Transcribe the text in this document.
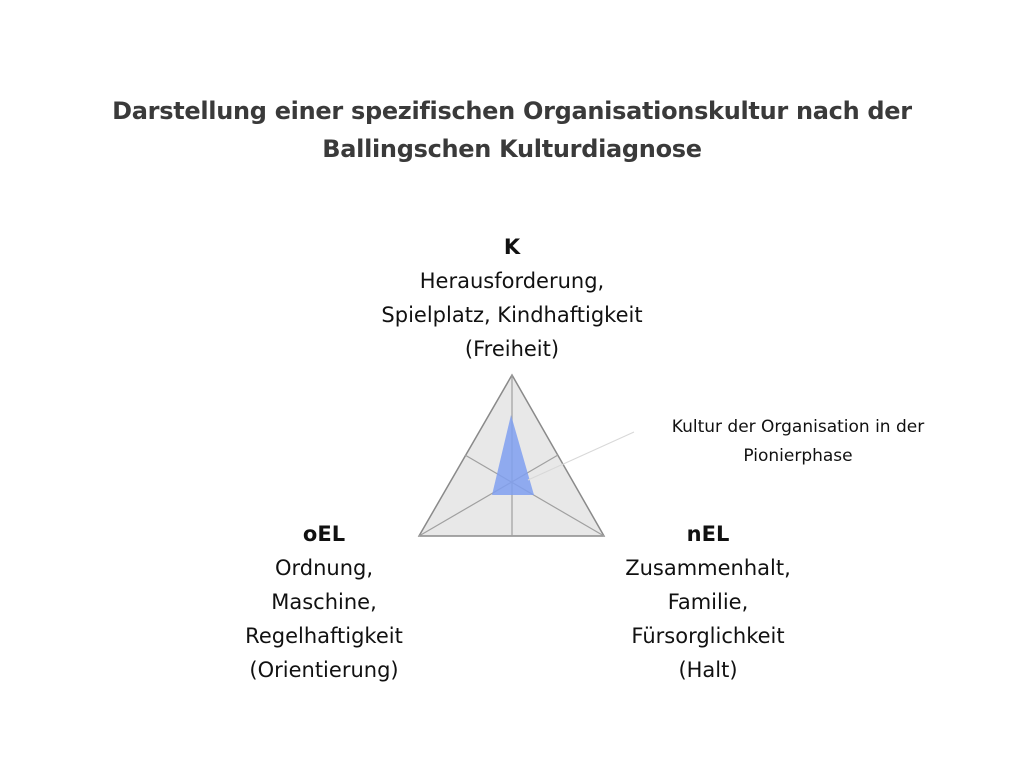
Darstellung einer spezifischen Organisationskultur nach der
Ballingschen Kulturdiagnose
K
Herausforderung,
Spielplatz, Kindhaftigkeit
(Freiheit)
oEL
Ordnung,
Maschine,
Regelhaftigkeit
(Orientierung)
nEL
Zusammenhalt,
Familie,
Fürsorglichkeit
(Halt)
Kultur der Organisation in der
Pionierphase
